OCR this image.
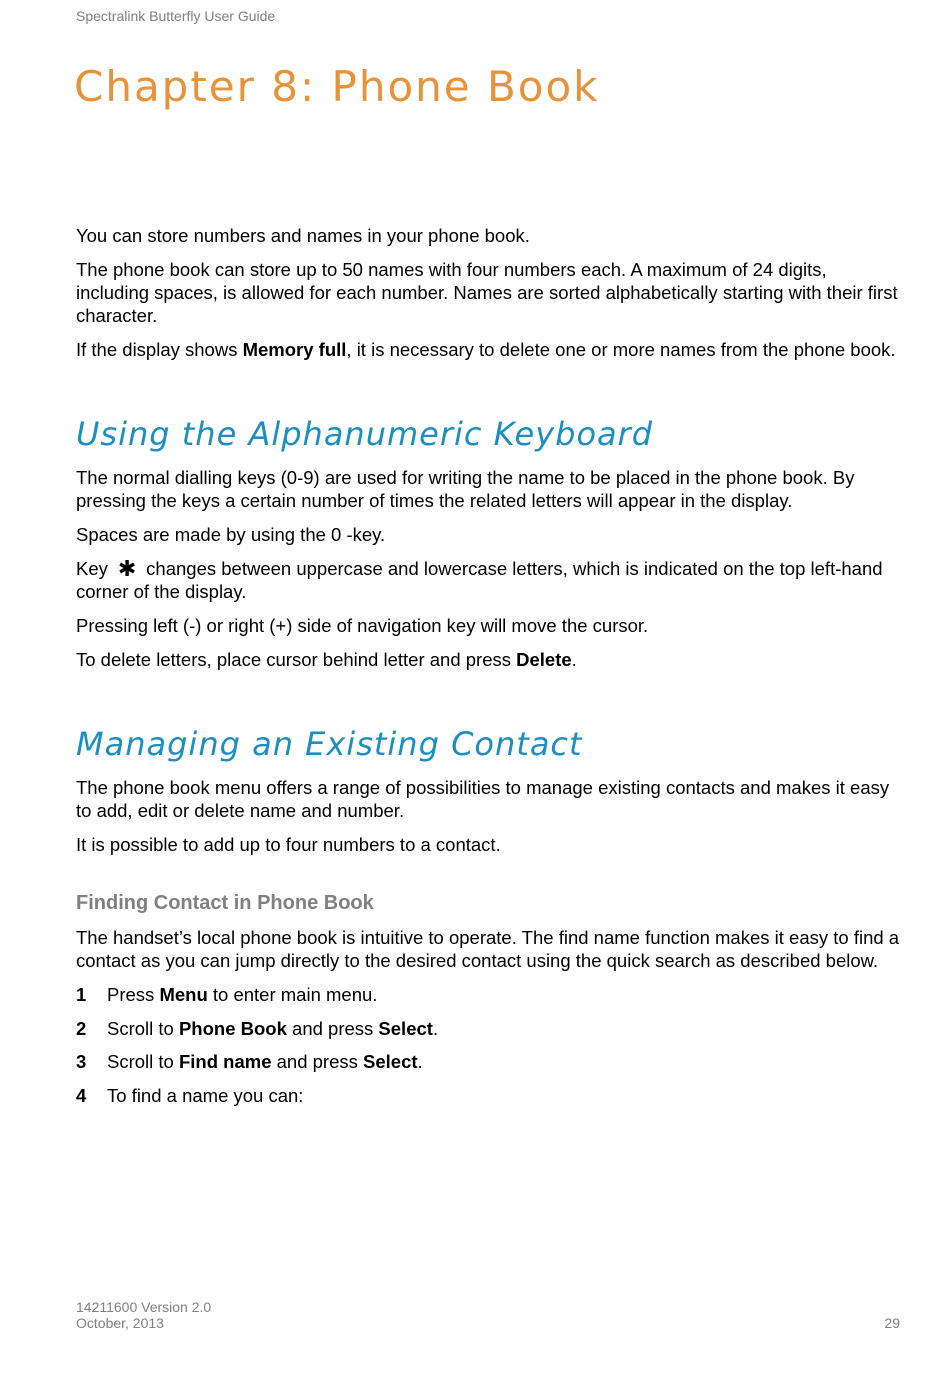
Spectralink Butterfly User Guide
Chapter 8: Phone Book

You can store numbers and names in your phone book.

The phone book can store up to 50 names with four numbers each. A maximum of 24 digits, including spaces, is allowed for each number. Names are sorted alphabetically starting with their first character.

If the display shows Memory full, it is necessary to delete one or more names from the phone book.

Using the Alphanumeric Keyboard

The normal dialling keys (0-9) are used for writing the name to be placed in the phone book. By pressing the keys a certain number of times the related letters will appear in the display.

Spaces are made by using the 0 -key.

Key ✱ changes between uppercase and lowercase letters, which is indicated on the top left-hand corner of the display.

Pressing left (-) or right (+) side of navigation key will move the cursor.

To delete letters, place cursor behind letter and press Delete.

Managing an Existing Contact

The phone book menu offers a range of possibilities to manage existing contacts and makes it easy to add, edit or delete name and number.

It is possible to add up to four numbers to a contact.

Finding Contact in Phone Book

The handset’s local phone book is intuitive to operate. The find name function makes it easy to find a contact as you can jump directly to the desired contact using the quick search as described below.

1	Press Menu to enter main menu.
2	Scroll to Phone Book and press Select.
3	Scroll to Find name and press Select.
4	To find a name you can:
14211600 Version 2.0
October, 2013	29
